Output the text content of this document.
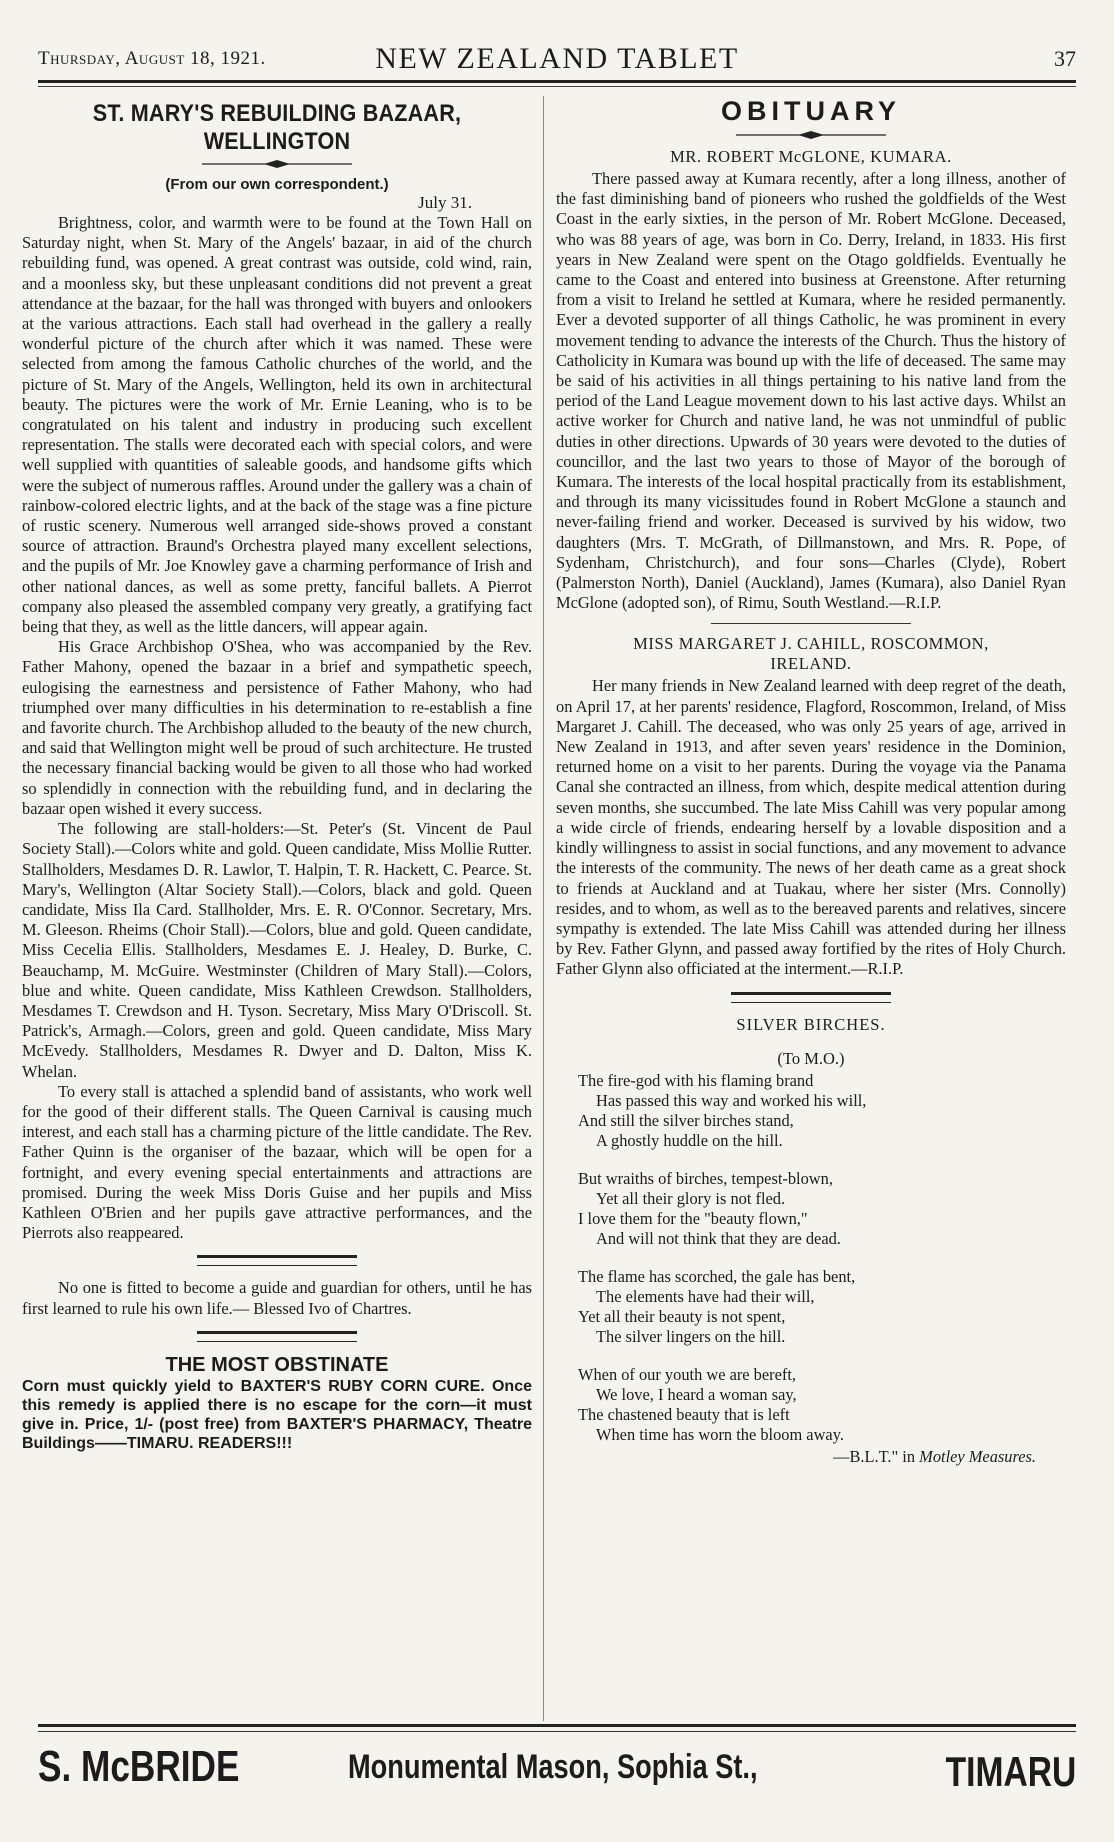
Thursday, August 18, 1921.	NEW ZEALAND TABLET	37
ST. MARY'S REBUILDING BAZAAR, WELLINGTON

(From our own correspondent.)

July 31.

Brightness, color, and warmth were to be found at the Town Hall on Saturday night, when St. Mary of the Angels' bazaar, in aid of the church rebuilding fund, was opened. A great contrast was outside, cold wind, rain, and a moonless sky, but these unpleasant conditions did not prevent a great attendance at the bazaar, for the hall was thronged with buyers and onlookers at the various attractions. Each stall had overhead in the gallery a really wonderful picture of the church after which it was named. These were selected from among the famous Catholic churches of the world, and the picture of St. Mary of the Angels, Wellington, held its own in architectural beauty. The pictures were the work of Mr. Ernie Leaning, who is to be congratulated on his talent and industry in producing such excellent representation. The stalls were decorated each with special colors, and were well supplied with quantities of saleable goods, and handsome gifts which were the subject of numerous raffles. Around under the gallery was a chain of rainbow-colored electric lights, and at the back of the stage was a fine picture of rustic scenery. Numerous well arranged side-shows proved a constant source of attraction. Braund's Orchestra played many excellent selections, and the pupils of Mr. Joe Knowley gave a charming performance of Irish and other national dances, as well as some pretty, fanciful ballets. A Pierrot company also pleased the assembled company very greatly, a gratifying fact being that they, as well as the little dancers, will appear again.

His Grace Archbishop O'Shea, who was accompanied by the Rev. Father Mahony, opened the bazaar in a brief and sympathetic speech, eulogising the earnestness and persistence of Father Mahony, who had triumphed over many difficulties in his determination to re-establish a fine and favorite church. The Archbishop alluded to the beauty of the new church, and said that Wellington might well be proud of such architecture. He trusted the necessary financial backing would be given to all those who had worked so splendidly in connection with the rebuilding fund, and in declaring the bazaar open wished it every success.

The following are stall-holders:—St. Peter's (St. Vincent de Paul Society Stall).—Colors white and gold. Queen candidate, Miss Mollie Rutter. Stallholders, Mesdames D. R. Lawlor, T. Halpin, T. R. Hackett, C. Pearce. St. Mary's, Wellington (Altar Society Stall).—Colors, black and gold. Queen candidate, Miss Ila Card. Stallholder, Mrs. E. R. O'Connor. Secretary, Mrs. M. Gleeson. Rheims (Choir Stall).—Colors, blue and gold. Queen candidate, Miss Cecelia Ellis. Stallholders, Mesdames E. J. Healey, D. Burke, C. Beauchamp, M. McGuire. Westminster (Children of Mary Stall).—Colors, blue and white. Queen candidate, Miss Kathleen Crewdson. Stallholders, Mesdames T. Crewdson and H. Tyson. Secretary, Miss Mary O'Driscoll. St. Patrick's, Armagh.—Colors, green and gold. Queen candidate, Miss Mary McEvedy. Stallholders, Mesdames R. Dwyer and D. Dalton, Miss K. Whelan.

To every stall is attached a splendid band of assistants, who work well for the good of their different stalls. The Queen Carnival is causing much interest, and each stall has a charming picture of the little candidate. The Rev. Father Quinn is the organiser of the bazaar, which will be open for a fortnight, and every evening special entertainments and attractions are promised. During the week Miss Doris Guise and her pupils and Miss Kathleen O'Brien and her pupils gave attractive performances, and the Pierrots also reappeared.

No one is fitted to become a guide and guardian for others, until he has first learned to rule his own life.— Blessed Ivo of Chartres.

THE MOST OBSTINATE

Corn must quickly yield to BAXTER'S RUBY CORN CURE. Once this remedy is applied there is no escape for the corn—it must give in. Price, 1/- (post free) from BAXTER'S PHARMACY, Theatre Buildings——TIMARU. READERS!!!

OBITUARY
MR. ROBERT McGLONE, KUMARA.

There passed away at Kumara recently, after a long illness, another of the fast diminishing band of pioneers who rushed the goldfields of the West Coast in the early sixties, in the person of Mr. Robert McGlone. Deceased, who was 88 years of age, was born in Co. Derry, Ireland, in 1833. His first years in New Zealand were spent on the Otago goldfields. Eventually he came to the Coast and entered into business at Greenstone. After returning from a visit to Ireland he settled at Kumara, where he resided permanently. Ever a devoted supporter of all things Catholic, he was prominent in every movement tending to advance the interests of the Church. Thus the history of Catholicity in Kumara was bound up with the life of deceased. The same may be said of his activities in all things pertaining to his native land from the period of the Land League movement down to his last active days. Whilst an active worker for Church and native land, he was not unmindful of public duties in other directions. Upwards of 30 years were devoted to the duties of councillor, and the last two years to those of Mayor of the borough of Kumara. The interests of the local hospital practically from its establishment, and through its many vicissitudes found in Robert McGlone a staunch and never-failing friend and worker. Deceased is survived by his widow, two daughters (Mrs. T. McGrath, of Dillmanstown, and Mrs. R. Pope, of Sydenham, Christchurch), and four sons—Charles (Clyde), Robert (Palmerston North), Daniel (Auckland), James (Kumara), also Daniel Ryan McGlone (adopted son), of Rimu, South Westland.—R.I.P.

MISS MARGARET J. CAHILL, ROSCOMMON,
IRELAND.

Her many friends in New Zealand learned with deep regret of the death, on April 17, at her parents' residence, Flagford, Roscommon, Ireland, of Miss Margaret J. Cahill. The deceased, who was only 25 years of age, arrived in New Zealand in 1913, and after seven years' residence in the Dominion, returned home on a visit to her parents. During the voyage via the Panama Canal she contracted an illness, from which, despite medical attention during seven months, she succumbed. The late Miss Cahill was very popular among a wide circle of friends, endearing herself by a lovable disposition and a kindly willingness to assist in social functions, and any movement to advance the interests of the community. The news of her death came as a great shock to friends at Auckland and at Tuakau, where her sister (Mrs. Connolly) resides, and to whom, as well as to the bereaved parents and relatives, sincere sympathy is extended. The late Miss Cahill was attended during her illness by Rev. Father Glynn, and passed away fortified by the rites of Holy Church. Father Glynn also officiated at the interment.—R.I.P.

SILVER BIRCHES.
(To M.O.)
The fire-god with his flaming brand
Has passed this way and worked his will,
And still the silver birches stand,
A ghostly huddle on the hill.
But wraiths of birches, tempest-blown,
Yet all their glory is not fled.
I love them for the "beauty flown,"
And will not think that they are dead.
The flame has scorched, the gale has bent,
The elements have had their will,
Yet all their beauty is not spent,
The silver lingers on the hill.
When of our youth we are bereft,
We love, I heard a woman say,
The chastened beauty that is left
When time has worn the bloom away.
—B.L.T." in Motley Measures.
S. McBRIDE	Monumental Mason, Sophia St.,	TIMARU
